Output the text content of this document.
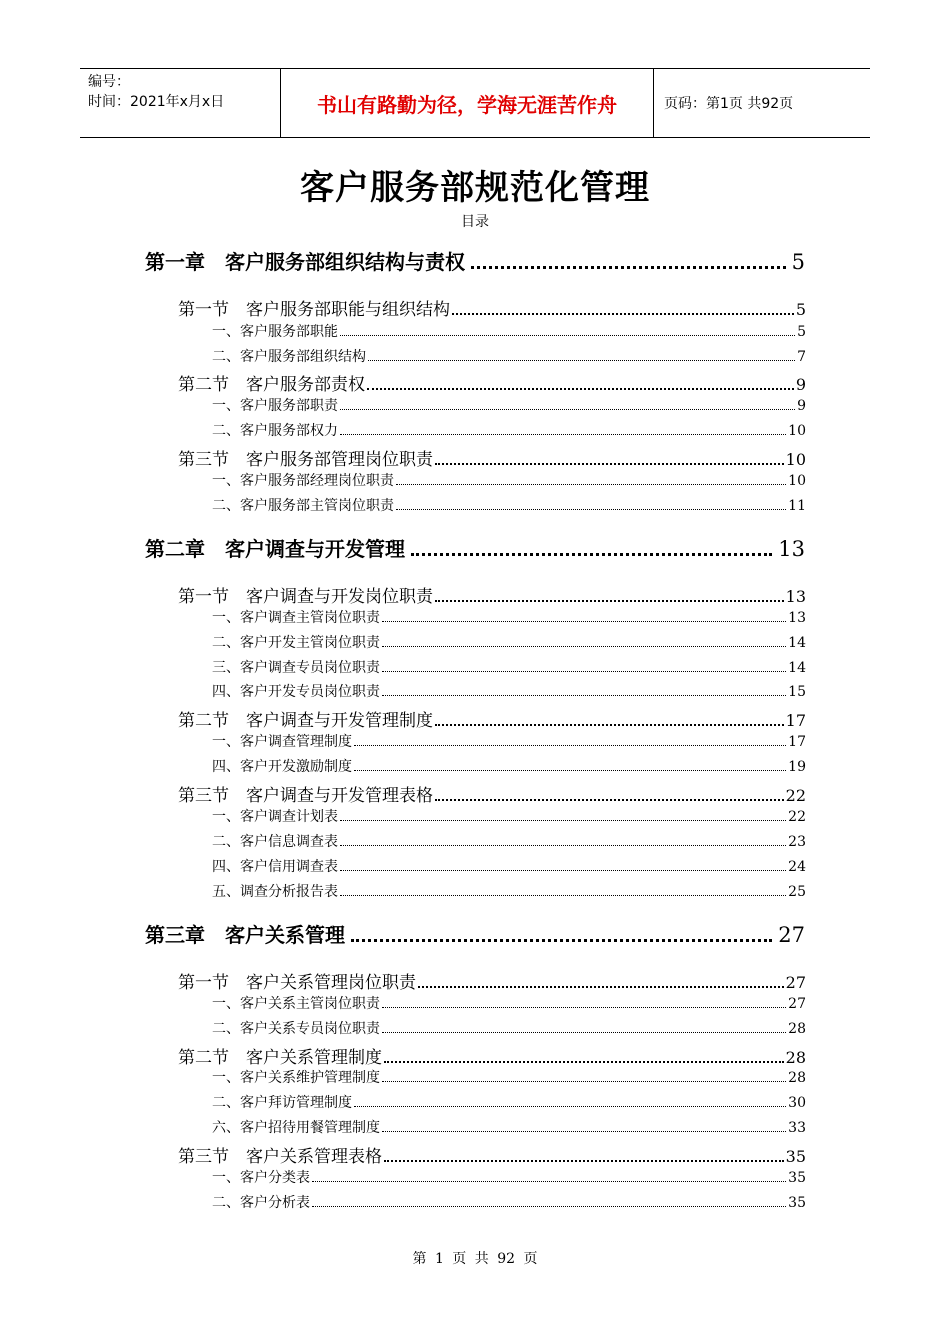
编号：
时间：2021年x月x日	书山有路勤为径，学海无涯苦作舟	页码：第1页 共92页
客户服务部规范化管理
目录
第一章　客户服务部组织结构与责权	5
第一节　客户服务部职能与组织结构	5
一、客户服务部职能	5
二、客户服务部组织结构	7
第二节　客户服务部责权	9
一、客户服务部职责	9
二、客户服务部权力	10
第三节　客户服务部管理岗位职责	10
一、客户服务部经理岗位职责	10
二、客户服务部主管岗位职责	11
第二章　客户调查与开发管理	13
第一节　客户调查与开发岗位职责	13
一、客户调查主管岗位职责	13
二、客户开发主管岗位职责	14
三、客户调查专员岗位职责	14
四、客户开发专员岗位职责	15
第二节　客户调查与开发管理制度	17
一、客户调查管理制度	17
四、客户开发激励制度	19
第三节　客户调查与开发管理表格	22
一、客户调查计划表	22
二、客户信息调查表	23
四、客户信用调查表	24
五、调查分析报告表	25
第三章　客户关系管理	27
第一节　客户关系管理岗位职责	27
一、客户关系主管岗位职责	27
二、客户关系专员岗位职责	28
第二节　客户关系管理制度	28
一、客户关系维护管理制度	28
二、客户拜访管理制度	30
六、客户招待用餐管理制度	33
第三节　客户关系管理表格	35
一、客户分类表	35
二、客户分析表	35
第 1 页 共 92 页
